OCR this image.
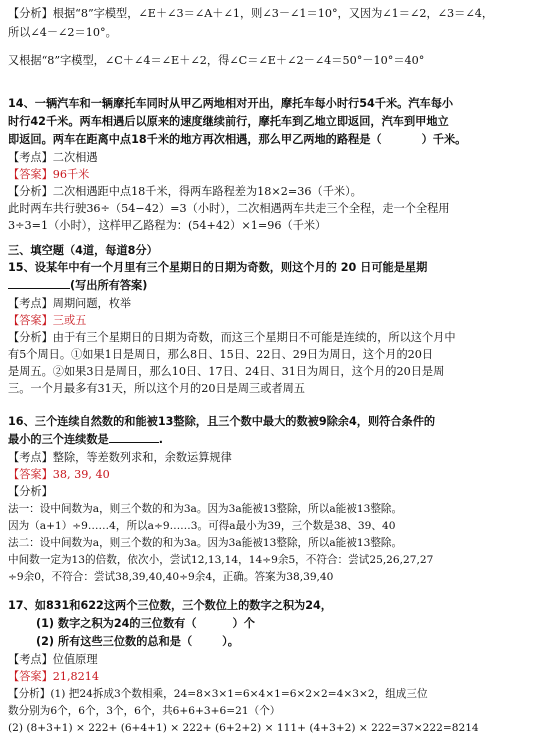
【分析】根据“8”字模型，∠E＋∠3＝∠A＋∠1，则∠3－∠1＝10°，又因为∠1＝∠2，∠3＝∠4，
所以∠4－∠2＝10°。
又根据“8”字模型，∠C＋∠4＝∠E＋∠2，得∠C＝∠E＋∠2－∠4＝50°－10°＝40°
14、一辆汽车和一辆摩托车同时从甲乙两地相对开出，摩托车每小时行54千米。汽车每小
时行42千米。两车相遇后以原来的速度继续前行，摩托车到乙地立即返回，汽车到甲地立
即返回。两车在距离中点18千米的地方再次相遇，那么甲乙两地的路程是（	）千米。
【考点】二次相遇
【答案】96千米
【分析】二次相遇距中点18千米，得两车路程差为18×2=36（千米）。
此时两车共行驶36÷（54−42）=3（小时），二次相遇两车共走三个全程，走一个全程用
3÷3=1（小时），这样甲乙路程为：(54+42）×1=96（千米）
三、填空题（4道，每道8分）
15、设某年中有一个月里有三个星期日的日期为奇数，则这个月的 20 日可能是星期
(写出所有答案)
【考点】周期问题，枚举
【答案】三或五
【分析】由于有三个星期日的日期为奇数，而这三个星期日不可能是连续的，所以这个月中
有5个周日。①如果1日是周日，那么8日、15日、22日、29日为周日，这个月的20日
是周五。②如果3日是周日，那么10日、17日、24日、31日为周日，这个月的20日是周
三。一个月最多有31天，所以这个月的20日是周三或者周五
16、三个连续自然数的和能被13整除，且三个数中最大的数被9除余4，则符合条件的
最小的三个连续数是	.
【考点】整除，等差数列求和，余数运算规律
【答案】38, 39, 40
【分析】
法一：设中间数为a，则三个数的和为3a。因为3a能被13整除，所以a能被13整除。
因为（a+1）÷9……4，所以a÷9……3。可得a最小为39，三个数是38、39、40
法二：设中间数为a，则三个数的和为3a。因为3a能被13整除，所以a能被13整除。
中间数一定为13的倍数，依次小，尝试12,13,14，14÷9余5，不符合：尝试25,26,27,27
÷9余0，不符合：尝试38,39,40,40÷9余4，正确。答案为38,39,40
17、如831和622这两个三位数，三个数位上的数字之积为24，
(1) 数字之积为24的三位数有（	）个
(2) 所有这些三位数的总和是（	）。
【考点】位值原理
【答案】21,8214
【分析】(1) 把24拆成3个数相乘，24=8×3×1=6×4×1=6×2×2=4×3×2，组成三位
数分别为6个，6个，3个，6个，共6+6+3+6=21（个）
(2) (8+3+1) × 222+ (6+4+1) × 222+ (6+2+2) × 111+ (4+3+2) × 222=37×222=8214
